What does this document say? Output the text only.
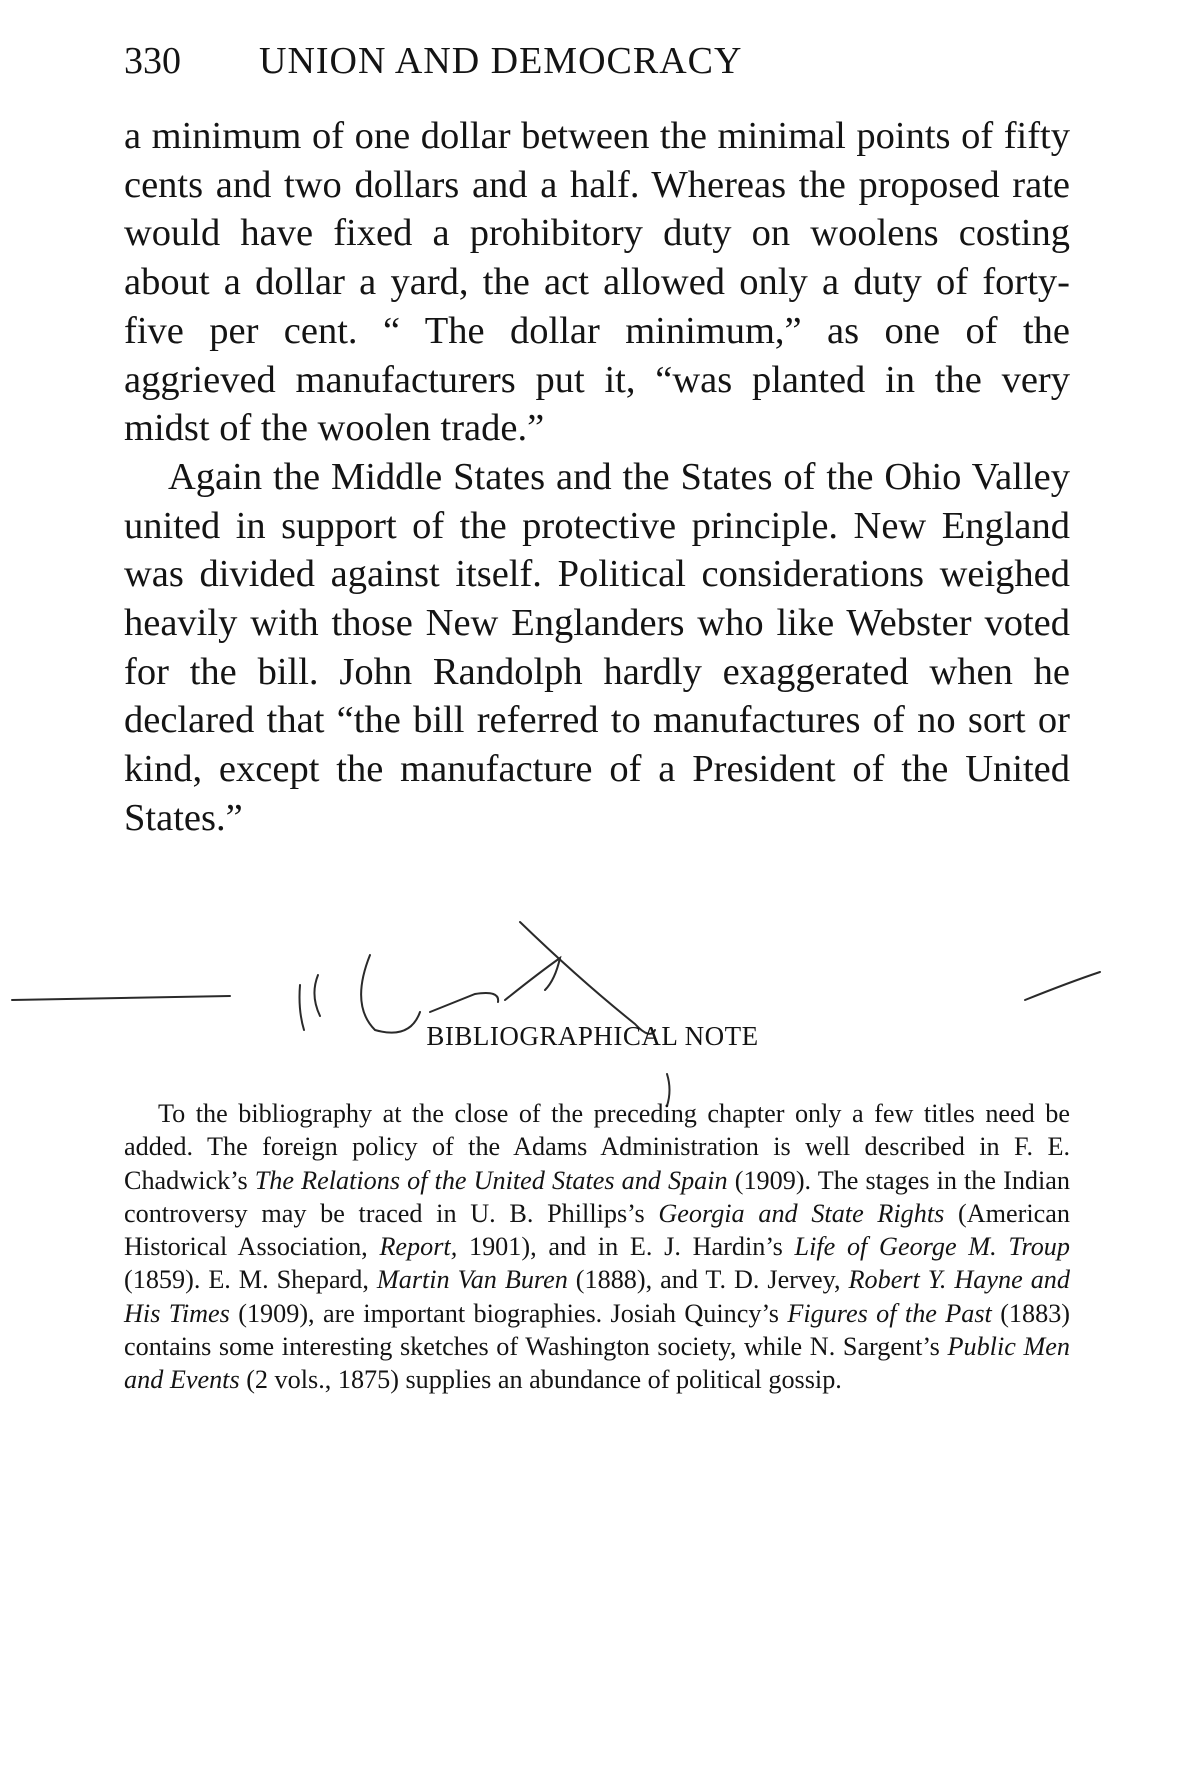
330 UNION AND DEMOCRACY

a minimum of one dollar between the minimal points of fifty cents and two dollars and a half. Whereas the proposed rate would have fixed a prohibitory duty on woolens costing about a dollar a yard, the act allowed only a duty of forty-five per cent. “ The dollar minimum,” as one of the aggrieved manufacturers put it, “was planted in the very midst of the woolen trade.”

Again the Middle States and the States of the Ohio Valley united in support of the protective principle. New England was divided against itself. Political considerations weighed heavily with those New Englanders who like Webster voted for the bill. John Randolph hardly exaggerated when he declared that “the bill referred to manufactures of no sort or kind, except the manufacture of a President of the United States.”

BIBLIOGRAPHICAL NOTE

To the bibliography at the close of the preceding chapter only a few titles need be added. The foreign policy of the Adams Administration is well described in F. E. Chadwick’s The Relations of the United States and Spain (1909). The stages in the Indian controversy may be traced in U. B. Phillips’s Georgia and State Rights (American Historical Association, Report, 1901), and in E. J. Hardin’s Life of George M. Troup (1859). E. M. Shepard, Martin Van Buren (1888), and T. D. Jervey, Robert Y. Hayne and His Times (1909), are important biographies. Josiah Quincy’s Figures of the Past (1883) contains some interesting sketches of Washington society, while N. Sargent’s Public Men and Events (2 vols., 1875) supplies an abundance of political gossip.
